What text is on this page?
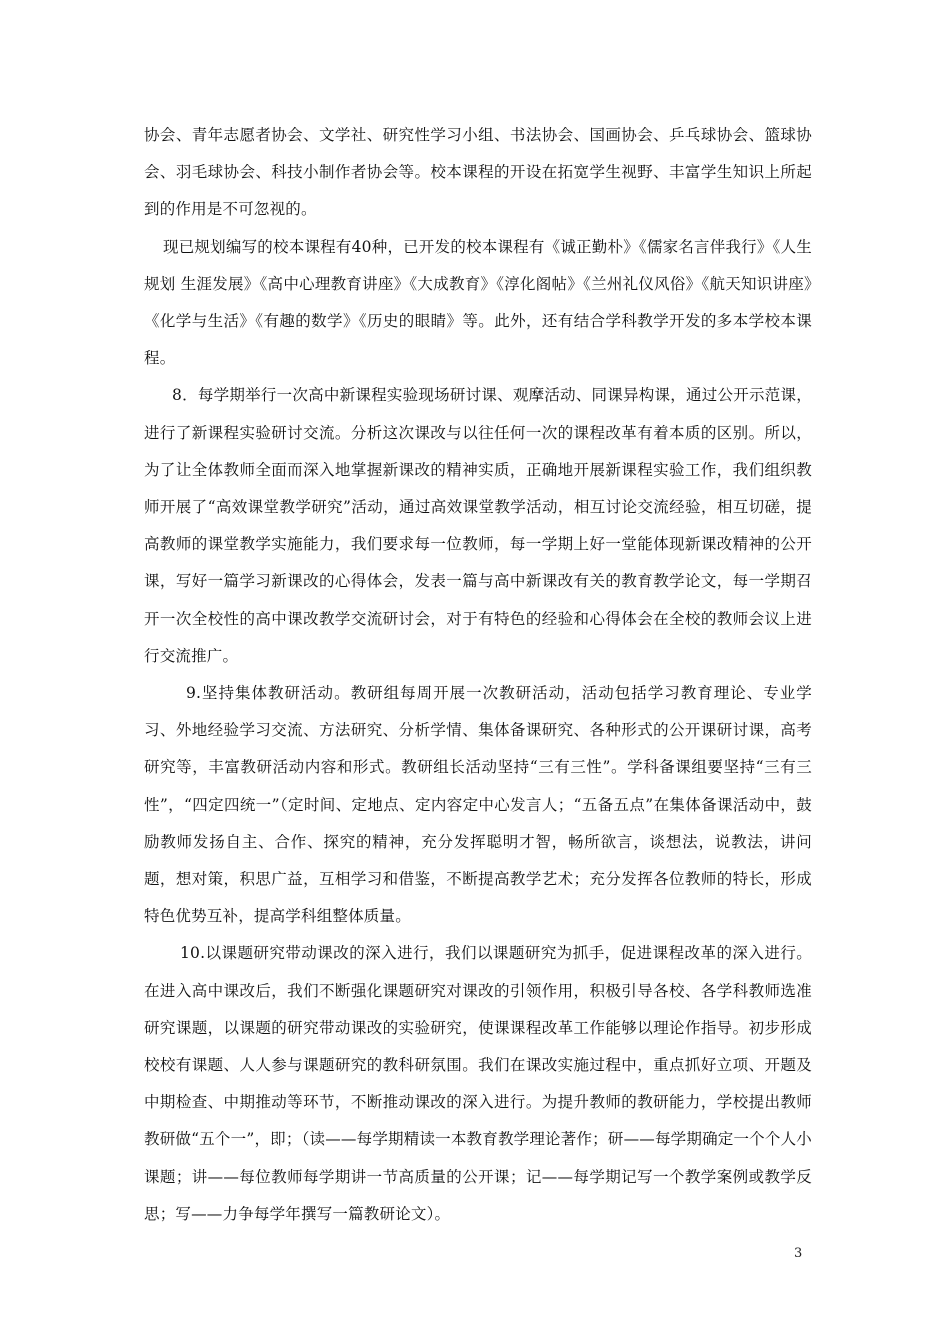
协会、青年志愿者协会、文学社、研究性学习小组、书法协会、国画协会、乒乓球协会、篮球协会、羽毛球协会、科技小制作者协会等。校本课程的开设在拓宽学生视野、丰富学生知识上所起到的作用是不可忽视的。

现已规划编写的校本课程有40种，已开发的校本课程有《诚正勤朴》《儒家名言伴我行》《人生规划 生涯发展》《高中心理教育讲座》《大成教育》《淳化阁帖》《兰州礼仪风俗》《航天知识讲座》《化学与生活》《有趣的数学》《历史的眼睛》等。此外，还有结合学科教学开发的多本学校本课程。

8．每学期举行一次高中新课程实验现场研讨课、观摩活动、同课异构课，通过公开示范课，进行了新课程实验研讨交流。分析这次课改与以往任何一次的课程改革有着本质的区别。所以，为了让全体教师全面而深入地掌握新课改的精神实质，正确地开展新课程实验工作，我们组织教师开展了“高效课堂教学研究”活动，通过高效课堂教学活动，相互讨论交流经验，相互切磋，提高教师的课堂教学实施能力，我们要求每一位教师，每一学期上好一堂能体现新课改精神的公开课，写好一篇学习新课改的心得体会，发表一篇与高中新课改有关的教育教学论文，每一学期召开一次全校性的高中课改教学交流研讨会，对于有特色的经验和心得体会在全校的教师会议上进行交流推广。

9.坚持集体教研活动。教研组每周开展一次教研活动，活动包括学习教育理论、专业学习、外地经验学习交流、方法研究、分析学情、集体备课研究、各种形式的公开课研讨课，高考研究等，丰富教研活动内容和形式。教研组长活动坚持“三有三性”。学科备课组要坚持“三有三性”，“四定四统一”（定时间、定地点、定内容定中心发言人；“五备五点”在集体备课活动中，鼓励教师发扬自主、合作、探究的精神，充分发挥聪明才智，畅所欲言，谈想法，说教法，讲问题，想对策，积思广益，互相学习和借鉴，不断提高教学艺术；充分发挥各位教师的特长，形成特色优势互补，提高学科组整体质量。

10.以课题研究带动课改的深入进行，我们以课题研究为抓手，促进课程改革的深入进行。在进入高中课改后，我们不断强化课题研究对课改的引领作用，积极引导各校、各学科教师选准研究课题，以课题的研究带动课改的实验研究，使课课程改革工作能够以理论作指导。初步形成校校有课题、人人参与课题研究的教科研氛围。我们在课改实施过程中，重点抓好立项、开题及中期检查、中期推动等环节，不断推动课改的深入进行。为提升教师的教研能力，学校提出教师教研做“五个一”，即；（读——每学期精读一本教育教学理论著作；研——每学期确定一个个人小课题；讲——每位教师每学期讲一节高质量的公开课；记——每学期记写一个教学案例或教学反思；写——力争每学年撰写一篇教研论文）。

3
